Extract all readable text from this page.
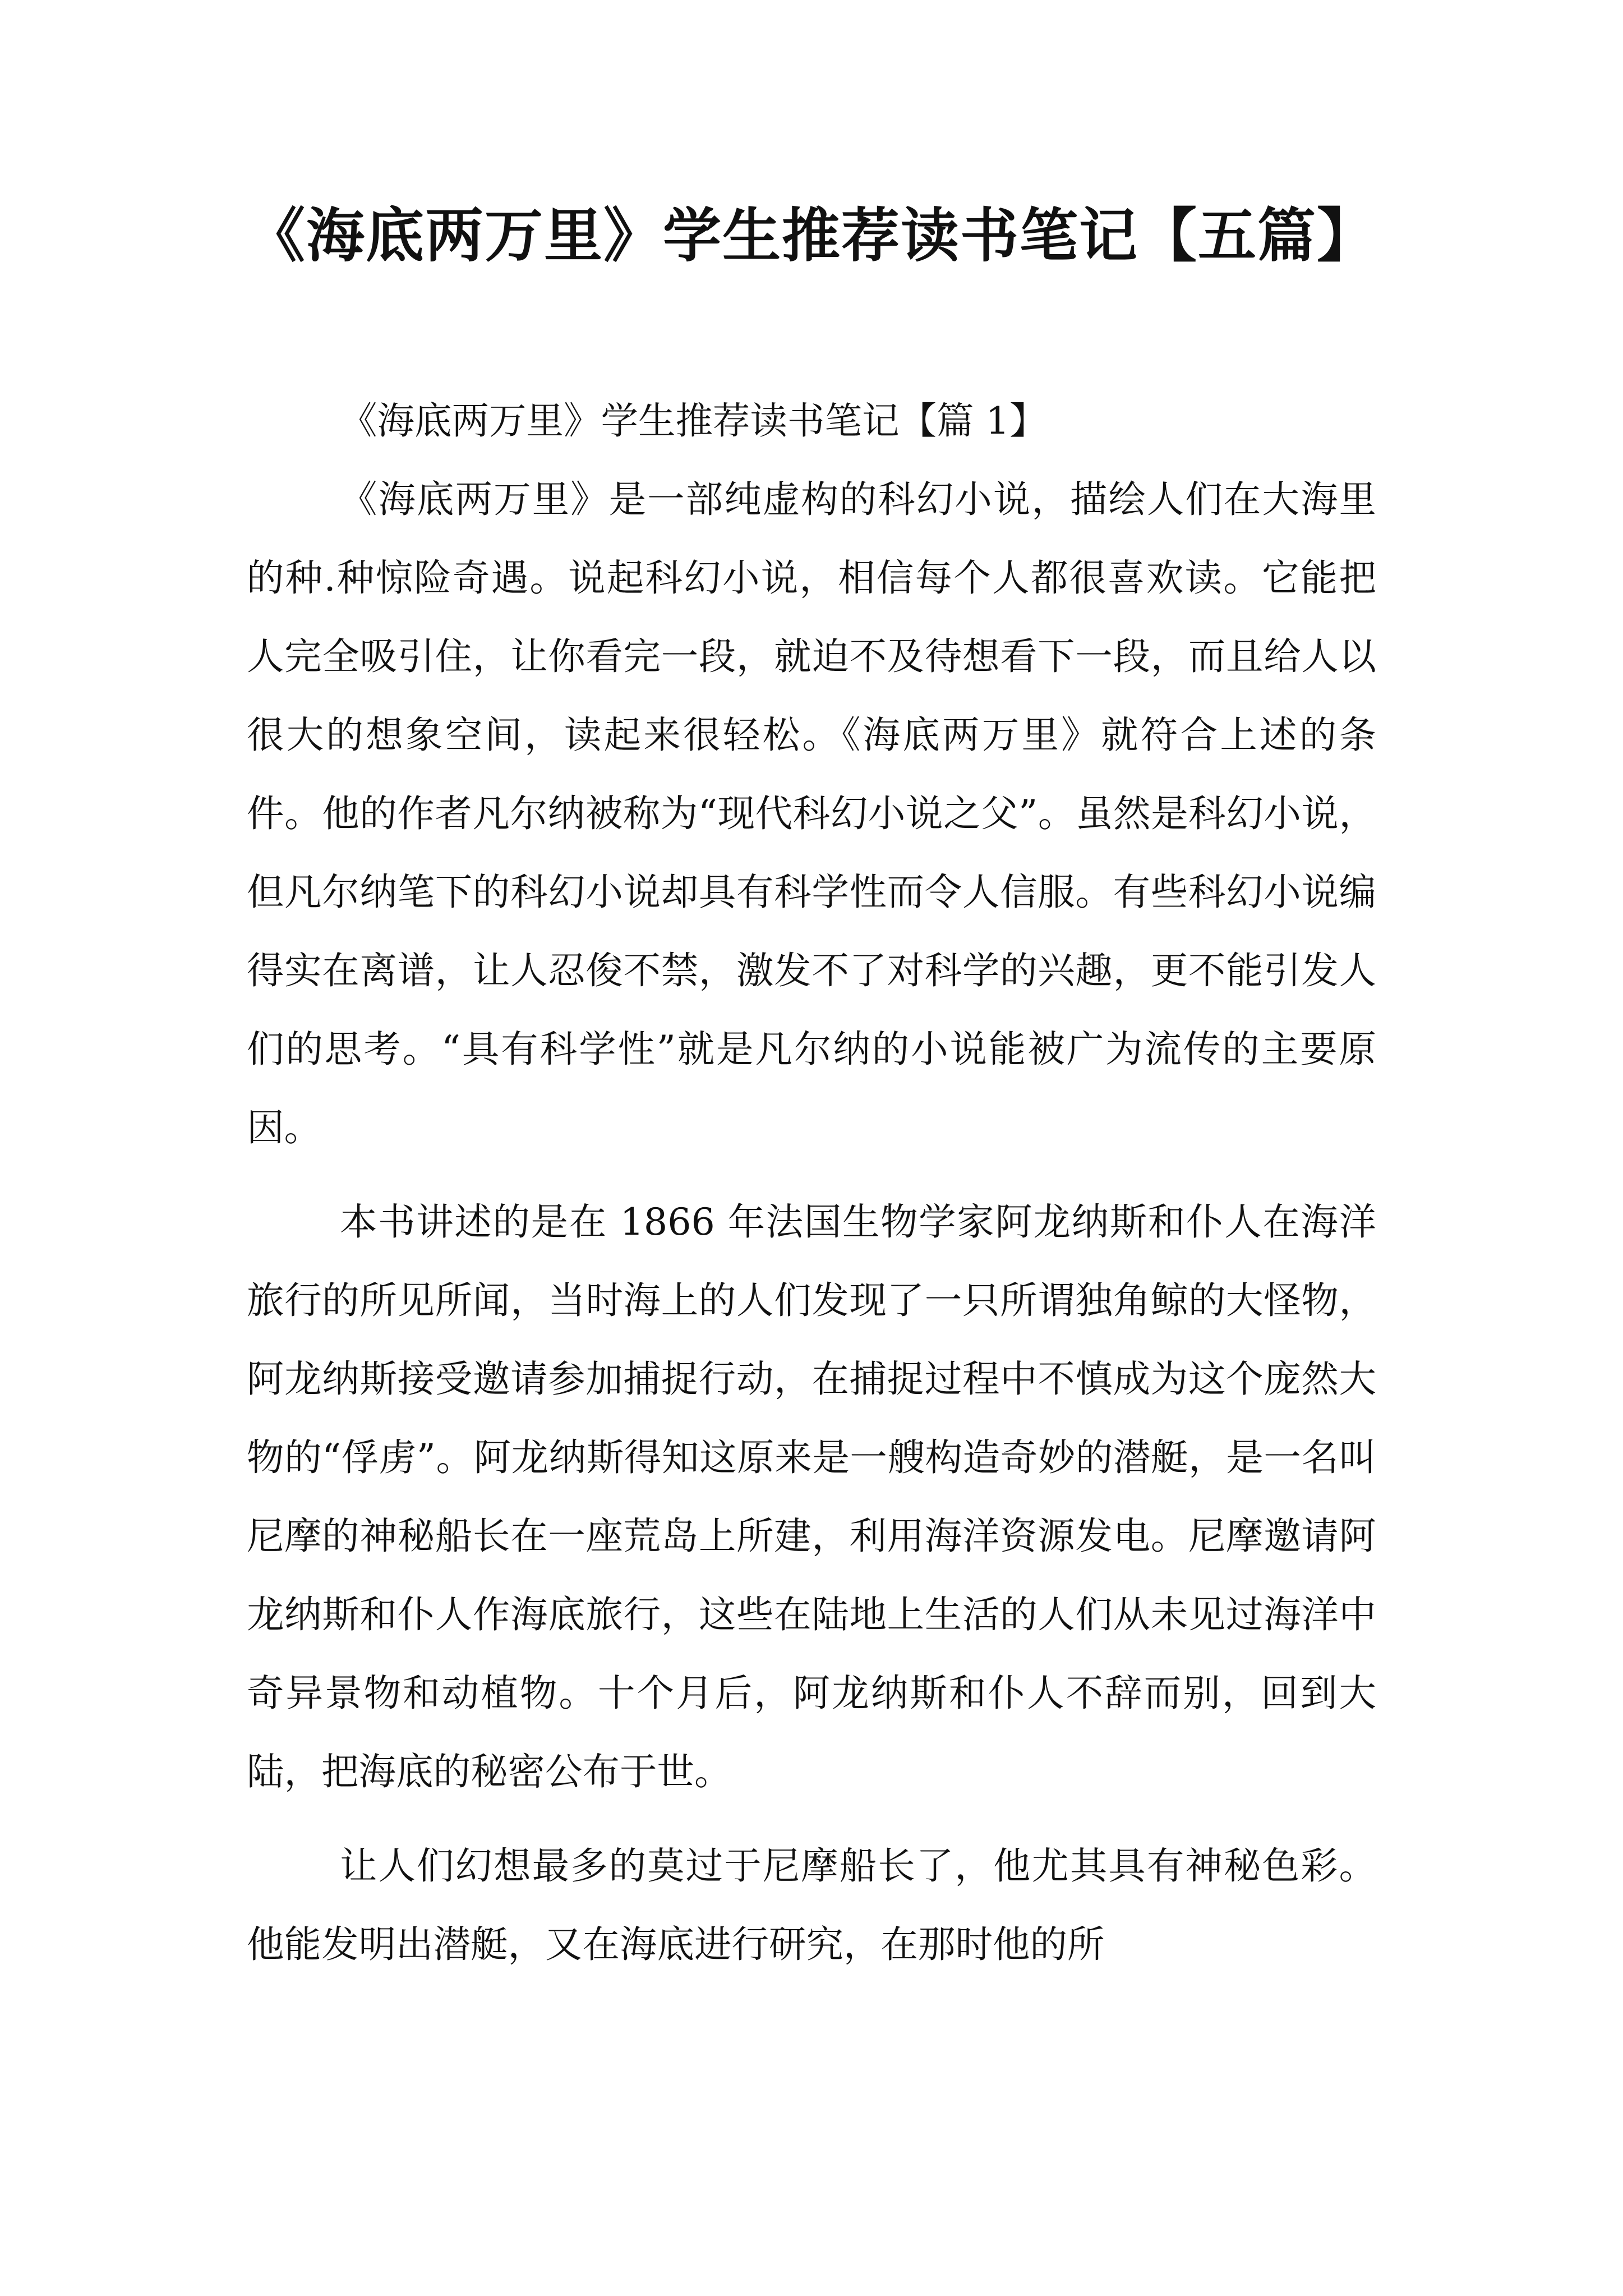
《海底两万里》学生推荐读书笔记【五篇】

《海底两万里》学生推荐读书笔记【篇 1】

《海底两万里》是一部纯虚构的科幻小说，描绘人们在大海里的种.种惊险奇遇。说起科幻小说，相信每个人都很喜欢读。它能把人完全吸引住，让你看完一段，就迫不及待想看下一段，而且给人以很大的想象空间，读起来很轻松。《海底两万里》就符合上述的条件。他的作者凡尔纳被称为“现代科幻小说之父”。虽然是科幻小说，但凡尔纳笔下的科幻小说却具有科学性而令人信服。有些科幻小说编得实在离谱，让人忍俊不禁，激发不了对科学的兴趣，更不能引发人们的思考。“具有科学性”就是凡尔纳的小说能被广为流传的主要原因。

本书讲述的是在 1866 年法国生物学家阿龙纳斯和仆人在海洋旅行的所见所闻，当时海上的人们发现了一只所谓独角鲸的大怪物，阿龙纳斯接受邀请参加捕捉行动，在捕捉过程中不慎成为这个庞然大物的“俘虏”。阿龙纳斯得知这原来是一艘构造奇妙的潜艇，是一名叫尼摩的神秘船长在一座荒岛上所建，利用海洋资源发电。尼摩邀请阿龙纳斯和仆人作海底旅行，这些在陆地上生活的人们从未见过海洋中奇异景物和动植物。十个月后，阿龙纳斯和仆人不辞而别，回到大陆，把海底的秘密公布于世。

让人们幻想最多的莫过于尼摩船长了，他尤其具有神秘色彩。他能发明出潜艇，又在海底进行研究，在那时他的所
